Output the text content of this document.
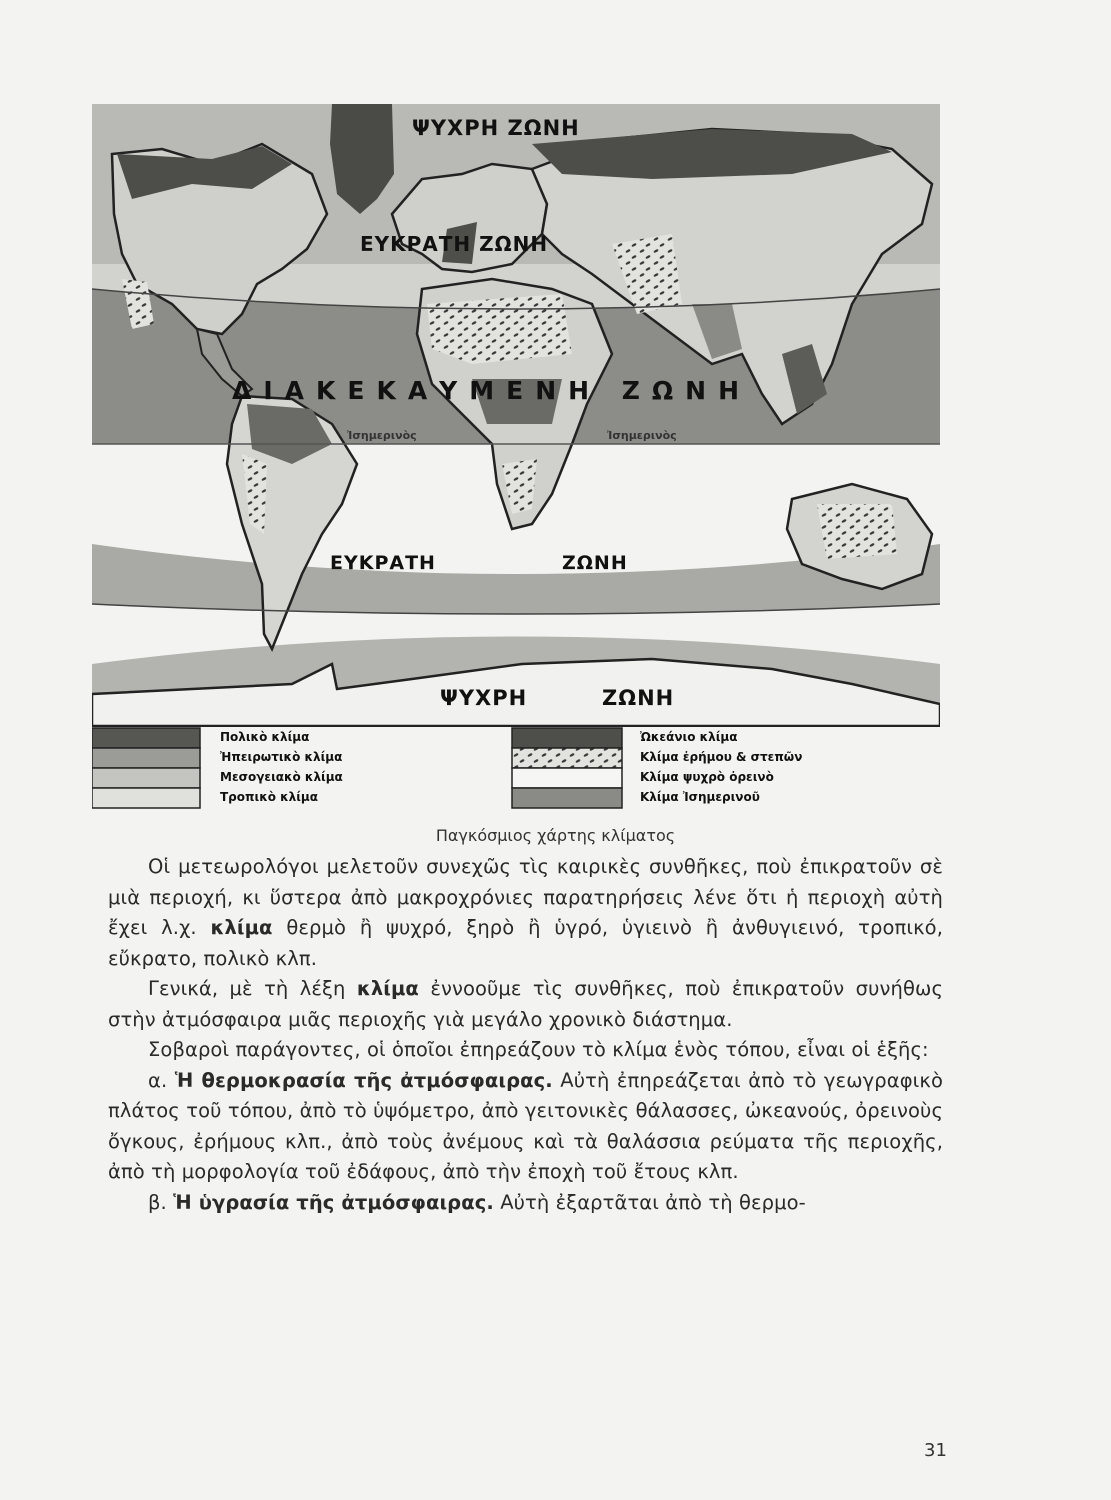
ΨΥΧΡΗ ΖΩΝΗ
ΕΥΚΡΑΤΗ ΖΩΝΗ
ΔΙΑΚΕΚΑΥΜΕΝΗ ΖΩΝΗ
Ἰσημερινὸς	Ἰσημερινὸς
ΕΥΚΡΑΤΗ	ΖΩΝΗ
ΨΥΧΡΗ	ΖΩΝΗ
Πολικὸ κλίμα
Ἠπειρωτικὸ κλίμα
Μεσογειακὸ κλίμα
Τροπικὸ κλίμα
Ὠκεάνιο κλίμα
Κλίμα ἐρήμου & στεπῶν
Κλίμα ψυχρὸ ὀρεινὸ
Κλίμα Ἰσημερινοῦ
Παγκόσμιος χάρτης κλίματος

Οἱ μετεωρολόγοι μελετοῦν συνεχῶς τὶς καιρικὲς συνθῆκες, ποὺ ἐπικρατοῦν σὲ μιὰ περιοχή, κι ὕστερα ἀπὸ μακροχρόνιες παρατηρήσεις λένε ὅτι ἡ περιοχὴ αὐτὴ ἔχει λ.χ. κλίμα θερμὸ ἢ ψυχρό, ξηρὸ ἢ ὑγρό, ὑγιεινὸ ἢ ἀνθυγιεινό, τροπικό, εὔκρατο, πολικὸ κλπ.

Γενικά, μὲ τὴ λέξη κλίμα ἐννοοῦμε τὶς συνθῆκες, ποὺ ἐπικρατοῦν συνήθως στὴν ἀτμόσφαιρα μιᾶς περιοχῆς γιὰ μεγάλο χρονικὸ διάστημα.

Σοβαροὶ παράγοντες, οἱ ὁποῖοι ἐπηρεάζουν τὸ κλίμα ἑνὸς τόπου, εἶναι οἱ ἑξῆς:

α. Ἡ θερμοκρασία τῆς ἀτμόσφαιρας. Αὐτὴ ἐπηρεάζεται ἀπὸ τὸ γεωγραφικὸ πλάτος τοῦ τόπου, ἀπὸ τὸ ὑψόμετρο, ἀπὸ γειτονικὲς θάλασσες, ὠκεανούς, ὀρεινοὺς ὄγκους, ἐρήμους κλπ., ἀπὸ τοὺς ἀνέμους καὶ τὰ θαλάσσια ρεύματα τῆς περιοχῆς, ἀπὸ τὴ μορφολογία τοῦ ἐδάφους, ἀπὸ τὴν ἐποχὴ τοῦ ἔτους κλπ.

β. Ἡ ὑγρασία τῆς ἀτμόσφαιρας. Αὐτὴ ἐξαρτᾶται ἀπὸ τὴ θερμο-

31
